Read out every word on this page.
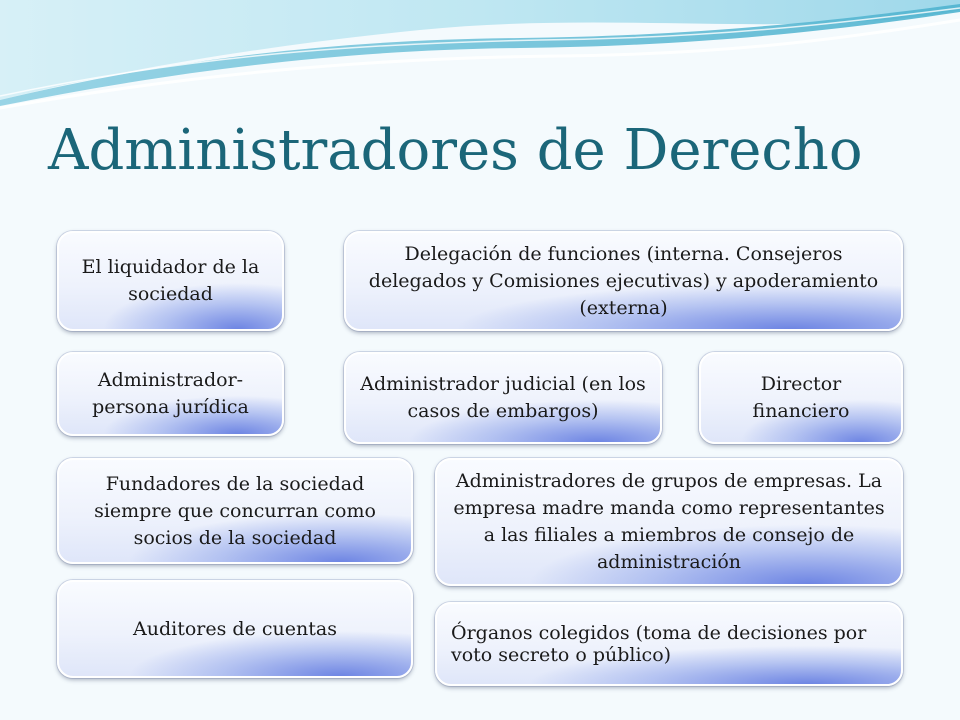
Administradores de Derecho
El liquidador de la sociedad
Delegación de funciones (interna. Consejeros delegados y Comisiones ejecutivas) y apoderamiento (externa)
Administrador-persona jurídica
Administrador judicial (en los casos de embargos)
Director financiero
Fundadores de la sociedad siempre que concurran como socios de la sociedad
Administradores de grupos de empresas. La empresa madre manda como representantes a las filiales a miembros de consejo de administración
Auditores de cuentas	Órganos colegidos (toma de decisiones por voto secreto o público)
